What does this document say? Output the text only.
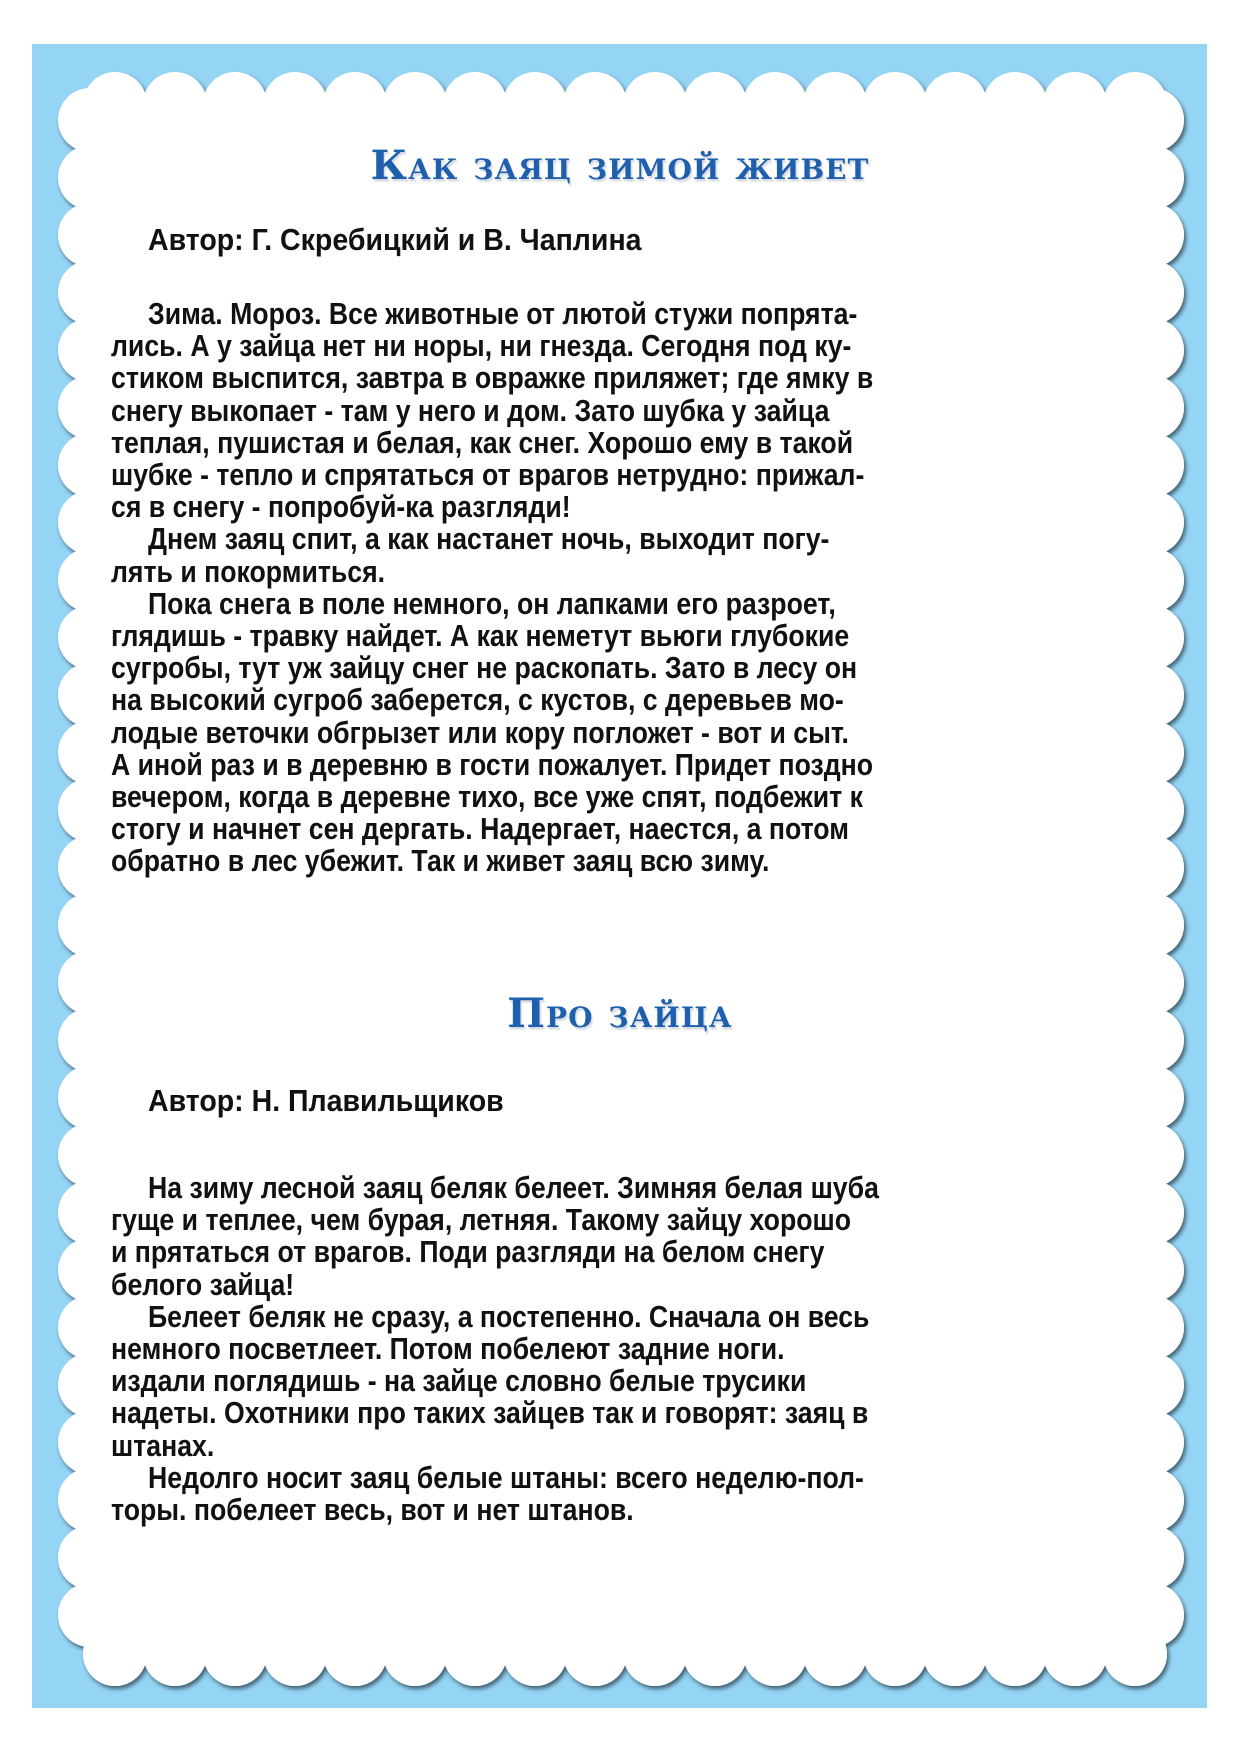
Как заяц зимой живет
Автор: Г. Скребицкий и В. Чаплина
Зима. Мороз. Все животные от лютой стужи попрята-
лись. А у зайца нет ни норы, ни гнезда. Сегодня под ку-
стиком выспится, завтра в овражке приляжет; где ямку в
снегу выкопает - там у него и дом. Зато шубка у зайца
теплая, пушистая и белая, как снег. Хорошо ему в такой
шубке - тепло и спрятаться от врагов нетрудно: прижал-
ся в снегу - попробуй-ка разгляди!
Днем заяц спит, а как настанет ночь, выходит погу-
лять и покормиться.
Пока снега в поле немного, он лапками его разроет,
глядишь - травку найдет. А как неметут вьюги глубокие
сугробы, тут уж зайцу снег не раскопать. Зато в лесу он
на высокий сугроб заберется, с кустов, с деревьев мо-
лодые веточки обгрызет или кору погложет - вот и сыт.
А иной раз и в деревню в гости пожалует. Придет поздно
вечером, когда в деревне тихо, все уже спят, подбежит к
стогу и начнет сен дергать. Надергает, наестся, а потом
обратно в лес убежит. Так и живет заяц всю зиму.
Про зайца
Автор: Н. Плавильщиков
На зиму лесной заяц беляк белеет. Зимняя белая шуба
гуще и теплее, чем бурая, летняя. Такому зайцу хорошо
и прятаться от врагов. Поди разгляди на белом снегу
белого зайца!
Белеет беляк не сразу, а постепенно. Сначала он весь
немного посветлеет. Потом побелеют задние ноги.
издали поглядишь - на зайце словно белые трусики
надеты. Охотники про таких зайцев так и говорят: заяц в
штанах.
Недолго носит заяц белые штаны: всего неделю-пол-
торы. побелеет весь, вот и нет штанов.
